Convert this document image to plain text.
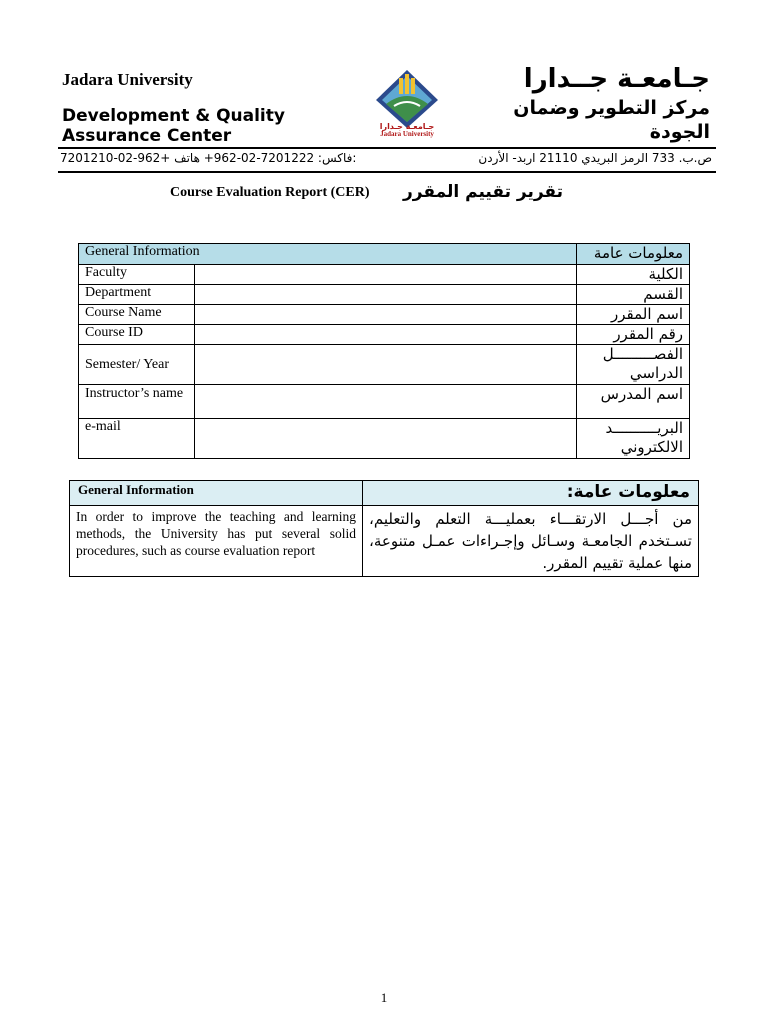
Jadara University
Development & Quality
Assurance Center	جـامعـة جـدارا
Jadara University
جـامعـة جــدارا
مركز التطوير وضمان
الجودة
7201210-02-962+ فاكس: 7201222-02-962+ هاتف:	ص.ب. 733 الرمز البريدي 21110 اربد- الأردن
Course Evaluation Report (CER) تقرير تقييم المقرر
General Information		معلومات عامة
Faculty		الكلية
Department		القسم
Course Name		اسم المقرر
Course ID		رقم المقرر
Semester/ Year		الفصـــــــــل الدراسي
Instructor’s name		اسم المدرس
e-mail		البريــــــــــد الالكتروني
General Information	معلومات عامة:
In order to improve the teaching and learning methods, the University has put several solid procedures, such as course evaluation report	من أجـــل الارتقـــاء بعمليـــة التعلم والتعليم، تسـتخدم الجامعـة وسـائل وإجـراءات عمـل متنوعة، منها عملية تقييم المقرر.
1
